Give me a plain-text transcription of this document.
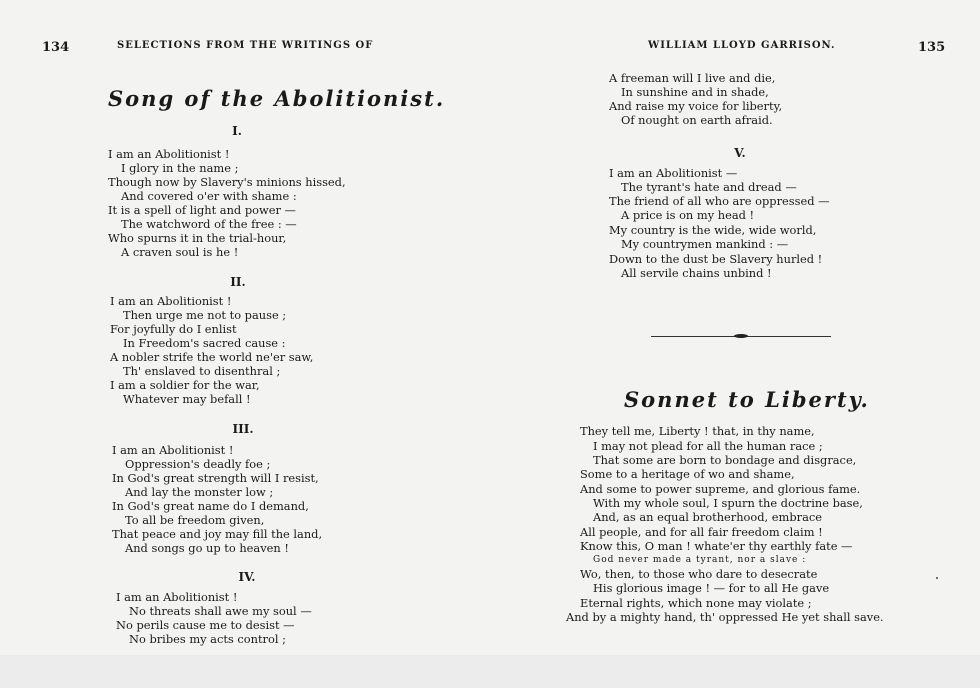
134	SELECTIONS FROM THE WRITINGS OF
Song of the Abolitionist.
I.
I am an Abolitionist !
I glory in the name ;
Though now by Slavery's minions hissed,
And covered o'er with shame :
It is a spell of light and power —
The watchword of the free : —
Who spurns it in the trial-hour,
A craven soul is he !
II.
I am an Abolitionist !
Then urge me not to pause ;
For joyfully do I enlist
In Freedom's sacred cause :
A nobler strife the world ne'er saw,
Th' enslaved to disenthral ;
I am a soldier for the war,
Whatever may befall !
III.
I am an Abolitionist !
Oppression's deadly foe ;
In God's great strength will I resist,
And lay the monster low ;
In God's great name do I demand,
To all be freedom given,
That peace and joy may fill the land,
And songs go up to heaven !
IV.
I am an Abolitionist !
No threats shall awe my soul —
No perils cause me to desist —
No bribes my acts control ;
WILLIAM LLOYD GARRISON.	135
A freeman will I live and die,
In sunshine and in shade,
And raise my voice for liberty,
Of nought on earth afraid.
V.
I am an Abolitionist —
The tyrant's hate and dread —
The friend of all who are oppressed —
A price is on my head !
My country is the wide, wide world,
My countrymen mankind : —
Down to the dust be Slavery hurled !
All servile chains unbind !
Sonnet to Liberty.
They tell me, Liberty ! that, in thy name,
I may not plead for all the human race ;
That some are born to bondage and disgrace,
Some to a heritage of wo and shame,
And some to power supreme, and glorious fame.
With my whole soul, I spurn the doctrine base,
And, as an equal brotherhood, embrace
All people, and for all fair freedom claim !
Know this, O man ! whate'er thy earthly fate —
God never made a tyrant, nor a slave :
Wo, then, to those who dare to desecrate
His glorious image ! — for to all He gave
Eternal rights, which none may violate ;
And by a mighty hand, th' oppressed He yet shall save.
